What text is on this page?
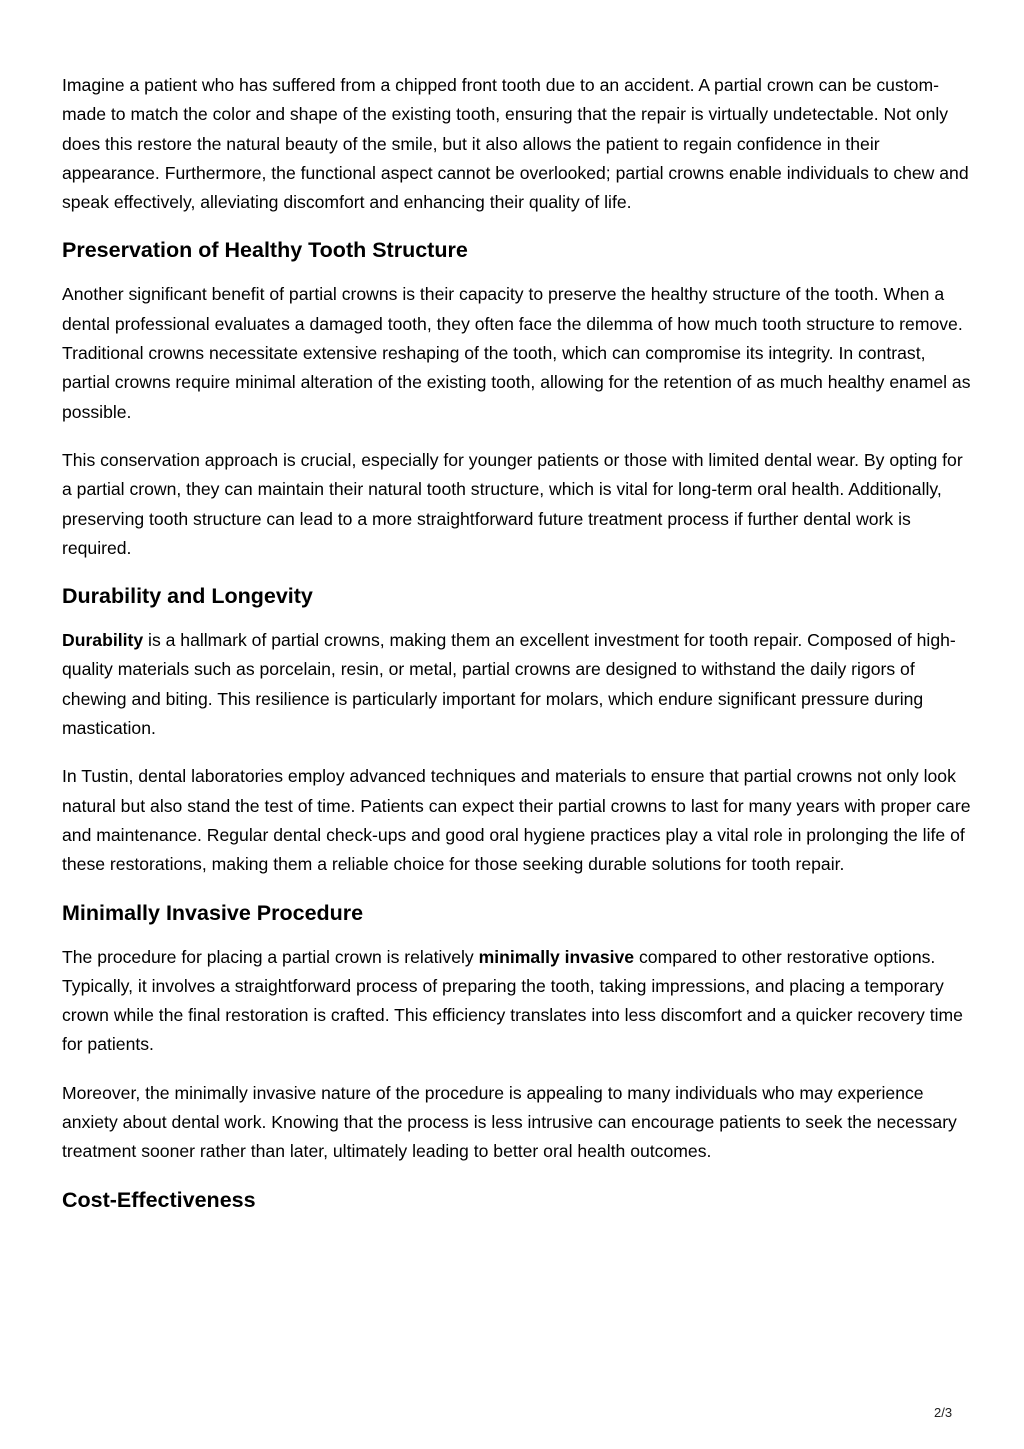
Imagine a patient who has suffered from a chipped front tooth due to an accident. A partial crown can be custom-made to match the color and shape of the existing tooth, ensuring that the repair is virtually undetectable. Not only does this restore the natural beauty of the smile, but it also allows the patient to regain confidence in their appearance. Furthermore, the functional aspect cannot be overlooked; partial crowns enable individuals to chew and speak effectively, alleviating discomfort and enhancing their quality of life.

Preservation of Healthy Tooth Structure

Another significant benefit of partial crowns is their capacity to preserve the healthy structure of the tooth. When a dental professional evaluates a damaged tooth, they often face the dilemma of how much tooth structure to remove. Traditional crowns necessitate extensive reshaping of the tooth, which can compromise its integrity. In contrast, partial crowns require minimal alteration of the existing tooth, allowing for the retention of as much healthy enamel as possible.

This conservation approach is crucial, especially for younger patients or those with limited dental wear. By opting for a partial crown, they can maintain their natural tooth structure, which is vital for long-term oral health. Additionally, preserving tooth structure can lead to a more straightforward future treatment process if further dental work is required.

Durability and Longevity

Durability is a hallmark of partial crowns, making them an excellent investment for tooth repair. Composed of high-quality materials such as porcelain, resin, or metal, partial crowns are designed to withstand the daily rigors of chewing and biting. This resilience is particularly important for molars, which endure significant pressure during mastication.

In Tustin, dental laboratories employ advanced techniques and materials to ensure that partial crowns not only look natural but also stand the test of time. Patients can expect their partial crowns to last for many years with proper care and maintenance. Regular dental check-ups and good oral hygiene practices play a vital role in prolonging the life of these restorations, making them a reliable choice for those seeking durable solutions for tooth repair.

Minimally Invasive Procedure

The procedure for placing a partial crown is relatively minimally invasive compared to other restorative options. Typically, it involves a straightforward process of preparing the tooth, taking impressions, and placing a temporary crown while the final restoration is crafted. This efficiency translates into less discomfort and a quicker recovery time for patients.

Moreover, the minimally invasive nature of the procedure is appealing to many individuals who may experience anxiety about dental work. Knowing that the process is less intrusive can encourage patients to seek the necessary treatment sooner rather than later, ultimately leading to better oral health outcomes.

Cost-Effectiveness
2/3
